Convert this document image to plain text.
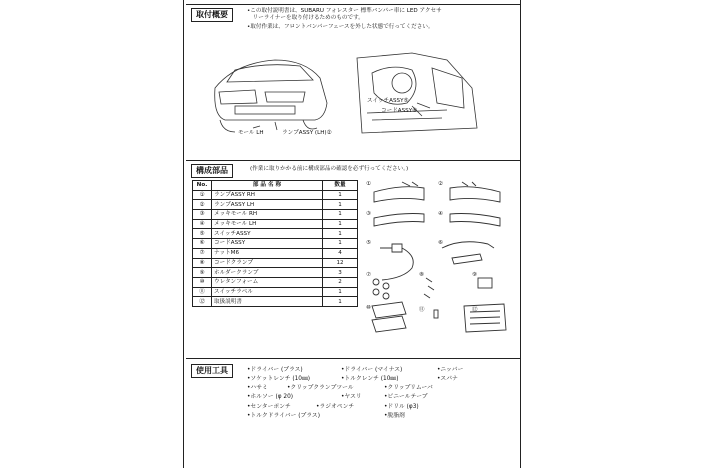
取付概要	•この取付説明書は、SUBARU フォレスター 標準バンパー車に LED アクセサ
　リーライナーを取り付けるためのものです。
•取付作業は、フロントバンパーフェースを外した状態で行ってください。
モール LH	ランプASSY (LH)②
スイッチASSY⑤
コードASSY⑥
構成部品	(作業に取りかかる前に構成部品の確認を必ず行ってください。)
No.	部 品 名 称	数量
①	ランプASSY RH	1
②	ランプASSY LH	1
③	メッキモール RH	1
④	メッキモール LH	1
⑤	スイッチASSY	1
⑥	コードASSY	1
⑦	ナットM6	4
⑧	コードクランプ	12
⑨	ホルダークランプ	3
⑩	ウレタンフォーム	2
⑪	スイッチラベル	1
⑫	取扱説明書	1
①	②
③	④
⑤	⑥
⑦	⑧	⑨
⑩	⑪	⑫
使用工具	•ドライバー (プラス)	•ドライバー (マイナス)	•ニッパー
•ソケットレンチ (10㎜)	•トルクレンチ (10㎜)	•スパナ
•ハサミ	•クリップクランプツール	•クリップリムーバ
•ホルソー (φ 20)	•ヤスリ	•ビニールテープ
•センターポンチ	•ラジオペンチ	•ドリル (φ3)
•トルクドライバー (プラス)	•脱脂剤
